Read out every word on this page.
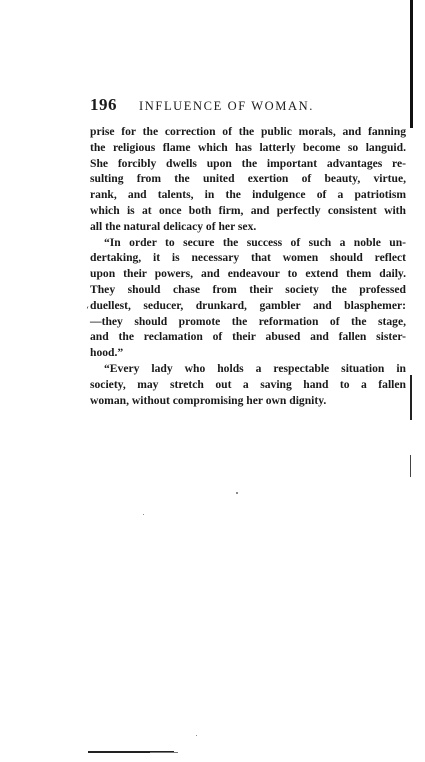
196 INFLUENCE OF WOMAN.

prise for the correction of the public morals, and fanning
the religious flame which has latterly become so languid.
She forcibly dwells upon the important advantages re-
sulting from the united exertion of beauty, virtue,
rank, and talents, in the indulgence of a patriotism
which is at once both firm, and perfectly consistent with
all the natural delicacy of her sex.

“In order to secure the success of such a noble un-
dertaking, it is necessary that women should reflect
upon their powers, and endeavour to extend them daily.
They should chase from their society the professed
duellest, seducer, drunkard, gambler and blasphemer:
—they should promote the reformation of the stage,
and the reclamation of their abused and fallen sister-
hood.”

“Every lady who holds a respectable situation in
society, may stretch out a saving hand to a fallen
woman, without compromising her own dignity.

‘
